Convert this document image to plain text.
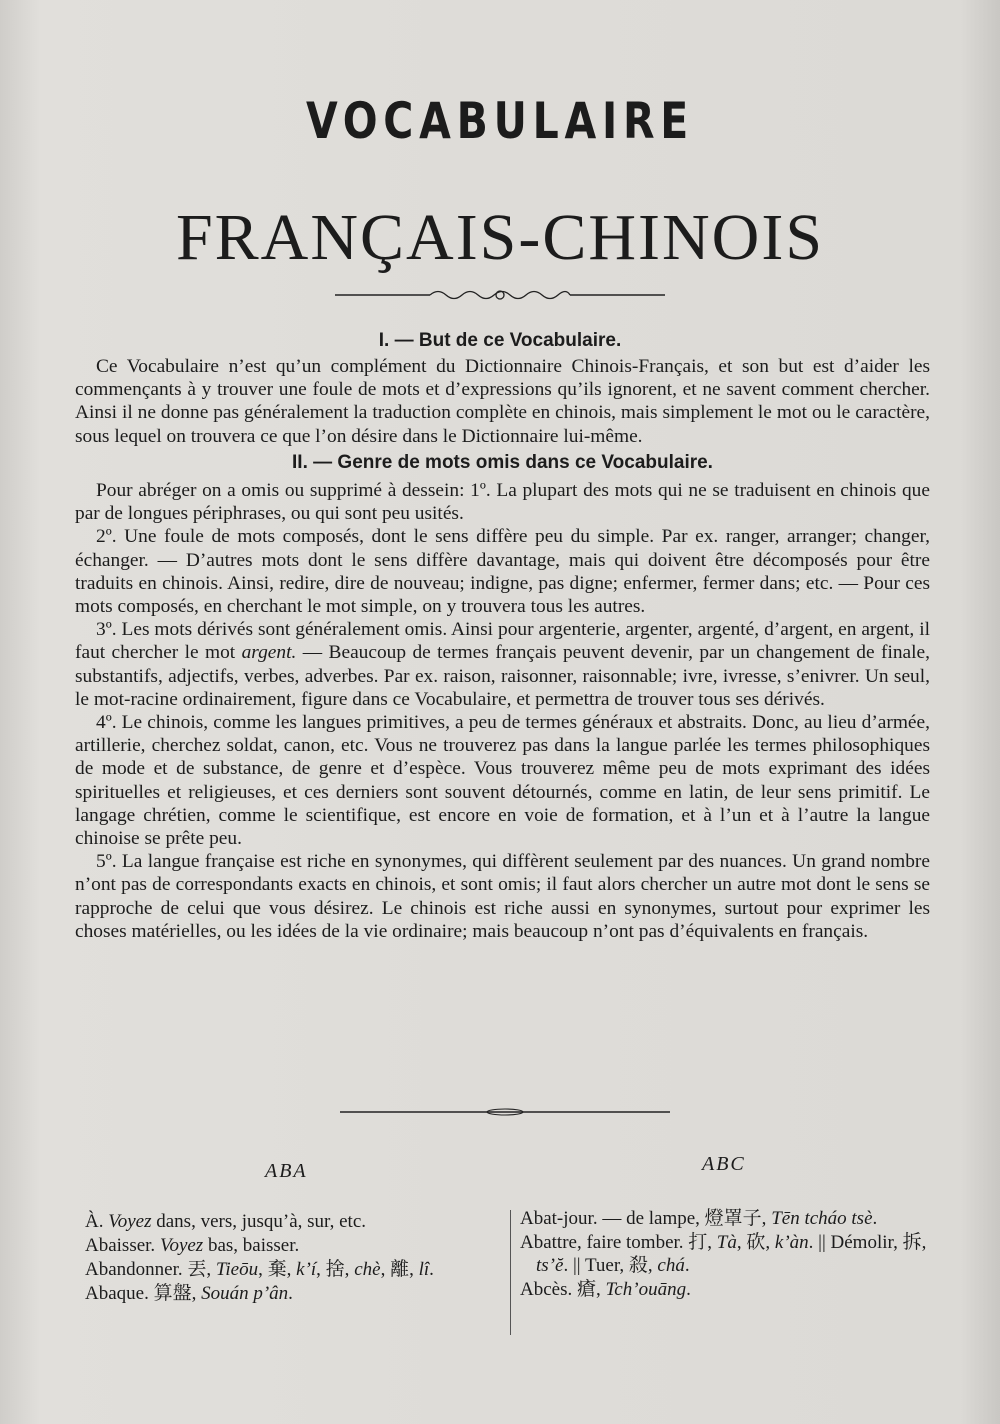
VOCABULAIRE
FRANÇAIS-CHINOIS
I. — But de ce Vocabulaire.

Ce Vocabulaire n’est qu’un complément du Dictionnaire Chinois-Français, et son but est d’aider les commençants à y trouver une foule de mots et d’expressions qu’ils ignorent, et ne savent comment chercher. Ainsi il ne donne pas généralement la traduction complète en chinois, mais simplement le mot ou le caractère, sous lequel on trouvera ce que l’on désire dans le Dictionnaire lui-même.

II. — Genre de mots omis dans ce Vocabulaire.

Pour abréger on a omis ou supprimé à dessein: 1º. La plupart des mots qui ne se traduisent en chinois que par de longues périphrases, ou qui sont peu usités.

2º. Une foule de mots composés, dont le sens diffère peu du simple. Par ex. ranger, arranger; changer, échanger. — D’autres mots dont le sens diffère davantage, mais qui doivent être décomposés pour être traduits en chinois. Ainsi, redire, dire de nouveau; indigne, pas digne; enfermer, fermer dans; etc. — Pour ces mots composés, en cherchant le mot simple, on y trouvera tous les autres.

3º. Les mots dérivés sont généralement omis. Ainsi pour argenterie, argenter, argenté, d’argent, en argent, il faut chercher le mot argent. — Beaucoup de termes français peuvent devenir, par un changement de finale, substantifs, adjectifs, verbes, adverbes. Par ex. raison, raisonner, raisonnable; ivre, ivresse, s’enivrer. Un seul, le mot-racine ordinairement, figure dans ce Vocabulaire, et permettra de trouver tous ses dérivés.

4º. Le chinois, comme les langues primitives, a peu de termes généraux et abstraits. Donc, au lieu d’armée, artillerie, cherchez soldat, canon, etc. Vous ne trouverez pas dans la langue parlée les termes philosophiques de mode et de substance, de genre et d’espèce. Vous trouverez même peu de mots exprimant des idées spirituelles et religieuses, et ces derniers sont souvent détournés, comme en latin, de leur sens primitif. Le langage chrétien, comme le scientifique, est encore en voie de formation, et à l’un et à l’autre la langue chinoise se prête peu.

5º. La langue française est riche en synonymes, qui diffèrent seulement par des nuances. Un grand nombre n’ont pas de correspondants exacts en chinois, et sont omis; il faut alors chercher un autre mot dont le sens se rapproche de celui que vous désirez. Le chinois est riche aussi en synonymes, surtout pour exprimer les choses matérielles, ou les idées de la vie ordinaire; mais beaucoup n’ont pas d’équivalents en français.

ABA	ABC
À. Voyez dans, vers, jusqu’à, sur, etc.
Abaisser. Voyez bas, baisser.
Abandonner. 丟, Tieōu, 棄, k’í, 捨, chè, 離, lî.
Abaque. 算盤, Souán p’ân.
Abat-jour. — de lampe, 燈罩子, Tēn tcháo tsè.
Abattre, faire tomber. 打, Tà, 砍, k’àn. || Démolir, 拆, ts’ĕ. || Tuer, 殺, chá.
Abcès. 瘡, Tch’ouāng.
